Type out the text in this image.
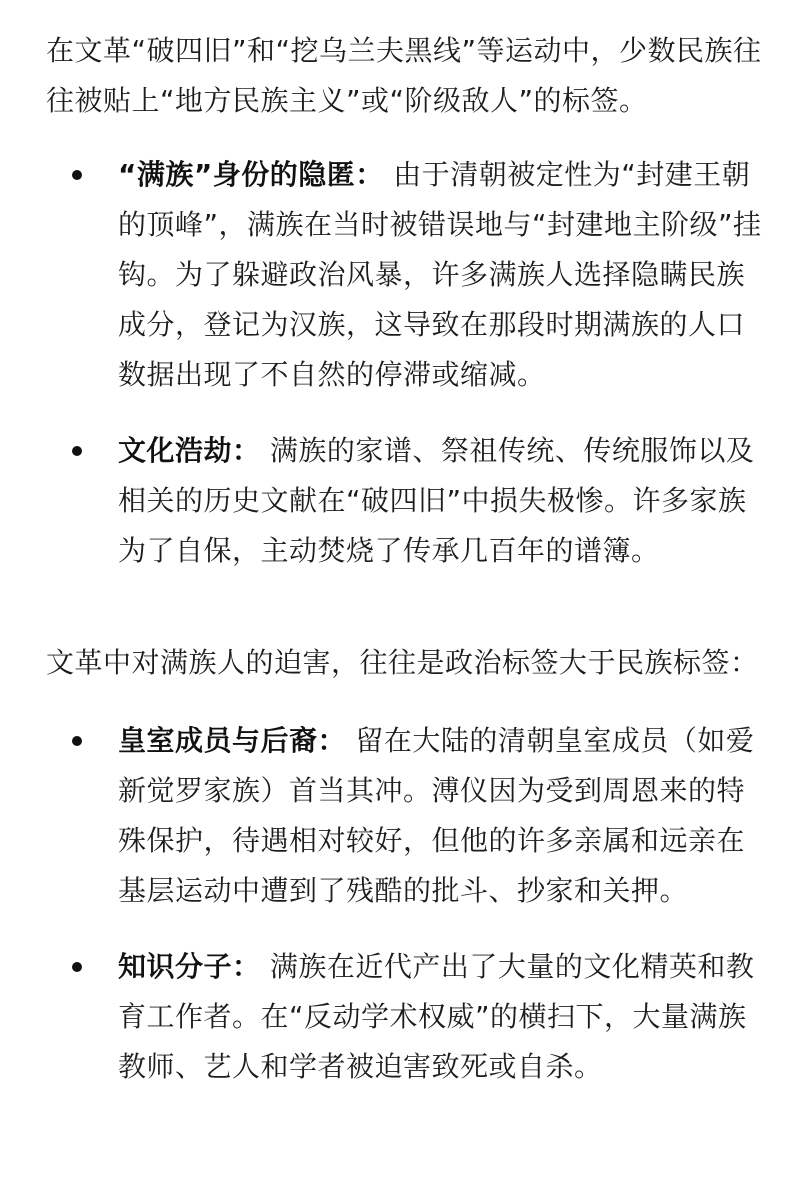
在文革“破四旧”和“挖乌兰夫黑线”等运动中，少数民族往往被贴上“地方民族主义”或“阶级敌人”的标签。

“满族”身份的隐匿： 由于清朝被定性为“封建王朝的顶峰”，满族在当时被错误地与“封建地主阶级”挂钩。为了躲避政治风暴，许多满族人选择隐瞒民族成分，登记为汉族，这导致在那段时期满族的人口数据出现了不自然的停滞或缩减。
文化浩劫： 满族的家谱、祭祖传统、传统服饰以及相关的历史文献在“破四旧”中损失极惨。许多家族为了自保，主动焚烧了传承几百年的谱簿。

文革中对满族人的迫害，往往是政治标签大于民族标签：

皇室成员与后裔： 留在大陆的清朝皇室成员（如爱新觉罗家族）首当其冲。溥仪因为受到周恩来的特殊保护，待遇相对较好，但他的许多亲属和远亲在基层运动中遭到了残酷的批斗、抄家和关押。
知识分子： 满族在近代产出了大量的文化精英和教育工作者。在“反动学术权威”的横扫下，大量满族教师、艺人和学者被迫害致死或自杀。
